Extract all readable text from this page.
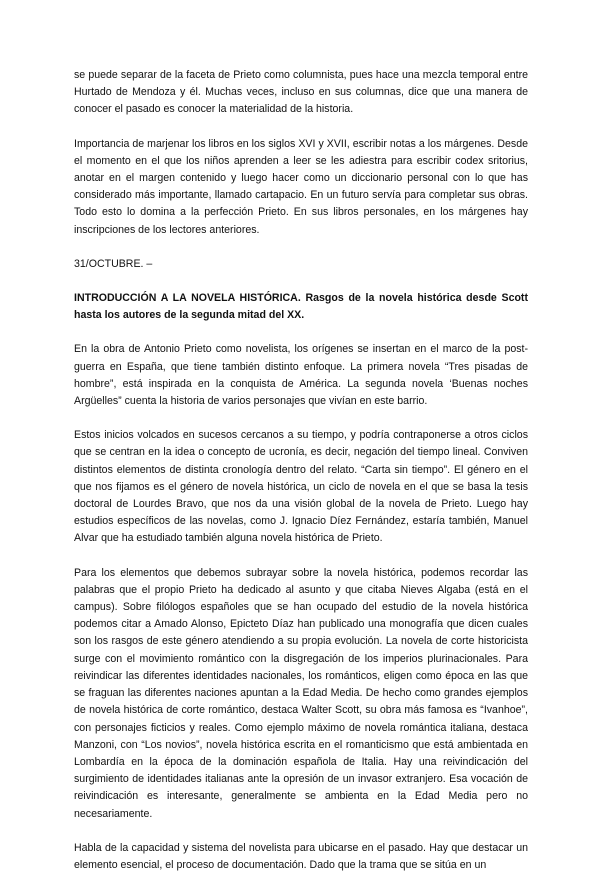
se puede separar de la faceta de Prieto como columnista, pues hace una mezcla temporal entre Hurtado de Mendoza y él. Muchas veces, incluso en sus columnas, dice que una manera de conocer el pasado es conocer la materialidad de la historia.

Importancia de marjenar los libros en los siglos XVI y XVII, escribir notas a los márgenes. Desde el momento en el que los niños aprenden a leer se les adiestra para escribir codex sritorius, anotar en el margen contenido y luego hacer como un diccionario personal con lo que has considerado más importante, llamado cartapacio. En un futuro servía para completar sus obras. Todo esto lo domina a la perfección Prieto. En sus libros personales, en los márgenes hay inscripciones de los lectores anteriores.

31/OCTUBRE. –

INTRODUCCIÓN A LA NOVELA HISTÓRICA. Rasgos de la novela histórica desde Scott hasta los autores de la segunda mitad del XX.

En la obra de Antonio Prieto como novelista, los orígenes se insertan en el marco de la post-guerra en España, que tiene también distinto enfoque. La primera novela “Tres pisadas de hombre”, está inspirada en la conquista de América. La segunda novela ‘Buenas noches Argüelles” cuenta la historia de varios personajes que vivían en este barrio.

Estos inicios volcados en sucesos cercanos a su tiempo, y podría contraponerse a otros ciclos que se centran en la idea o concepto de ucronía, es decir, negación del tiempo lineal. Conviven distintos elementos de distinta cronología dentro del relato. “Carta sin tiempo”. El género en el que nos fijamos es el género de novela histórica, un ciclo de novela en el que se basa la tesis doctoral de Lourdes Bravo, que nos da una visión global de la novela de Prieto. Luego hay estudios específicos de las novelas, como J. Ignacio Díez Fernández, estaría también, Manuel Alvar que ha estudiado también alguna novela histórica de Prieto.

Para los elementos que debemos subrayar sobre la novela histórica, podemos recordar las palabras que el propio Prieto ha dedicado al asunto y que citaba Nieves Algaba (está en el campus). Sobre filólogos españoles que se han ocupado del estudio de la novela histórica podemos citar a Amado Alonso, Epicteto Díaz han publicado una monografía que dicen cuales son los rasgos de este género atendiendo a su propia evolución. La novela de corte historicista surge con el movimiento romántico con la disgregación de los imperios plurinacionales. Para reivindicar las diferentes identidades nacionales, los románticos, eligen como época en las que se fraguan las diferentes naciones apuntan a la Edad Media. De hecho como grandes ejemplos de novela histórica de corte romántico, destaca Walter Scott, su obra más famosa es “Ivanhoe”, con personajes ficticios y reales. Como ejemplo máximo de novela romántica italiana, destaca Manzoni, con “Los novios”, novela histórica escrita en el romanticismo que está ambientada en Lombardía en la época de la dominación española de Italia. Hay una reivindicación del surgimiento de identidades italianas ante la opresión de un invasor extranjero. Esa vocación de reivindicación es interesante, generalmente se ambienta en la Edad Media pero no necesariamente.

Habla de la capacidad y sistema del novelista para ubicarse en el pasado. Hay que destacar un elemento esencial, el proceso de documentación. Dado que la trama que se sitúa en un
